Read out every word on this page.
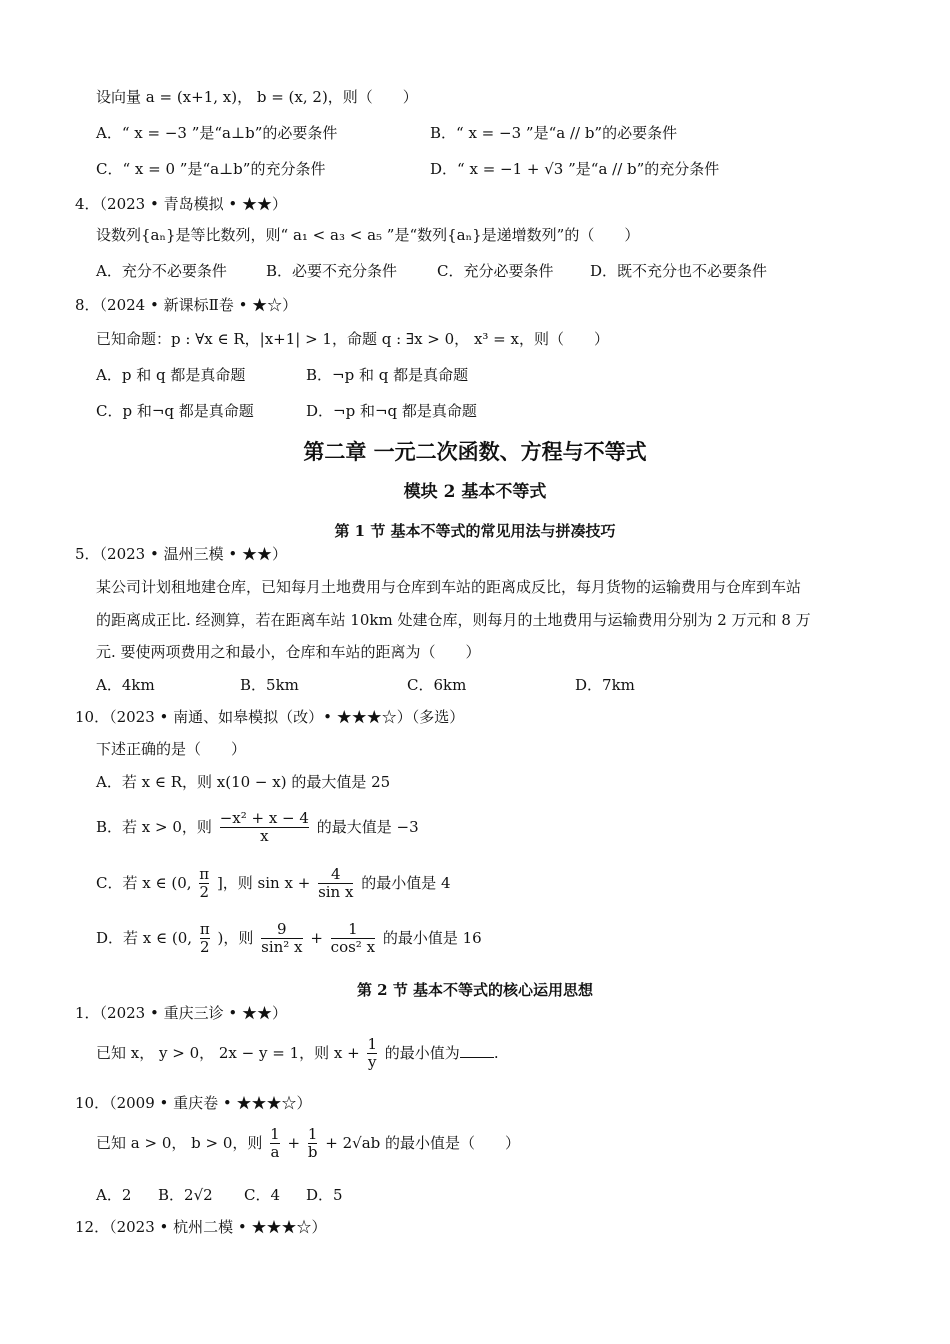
设向量 a = (x+1, x)， b = (x, 2)，则（　　）
A．“ x = −3 ”是“a⊥b”的必要条件	B．“ x = −3 ”是“a // b”的必要条件
C．“ x = 0 ”是“a⊥b”的充分条件	D．“ x = −1 + √3 ”是“a // b”的充分条件
4．（2023 • 青岛模拟 • ★★）
设数列{aₙ}是等比数列，则“ a₁ < a₃ < a₅ ”是“数列{aₙ}是递增数列”的（　　）
A．充分不必要条件	B．必要不充分条件	C．充分必要条件 D．既不充分也不必要条件
8．（2024 • 新课标Ⅱ卷 • ★☆）
已知命题：p : ∀x ∈ R，|x+1| > 1，命题 q : ∃x > 0， x³ = x，则（　　）
A．p 和 q 都是真命题	B．¬p 和 q 都是真命题
C．p 和¬q 都是真命题	D．¬p 和¬q 都是真命题
第二章 一元二次函数、方程与不等式
模块 2 基本不等式
第 1 节 基本不等式的常见用法与拼凑技巧
5．（2023 • 温州三模 • ★★）
某公司计划租地建仓库，已知每月土地费用与仓库到车站的距离成反比，每月货物的运输费用与仓库到车站
的距离成正比. 经测算，若在距离车站 10km 处建仓库，则每月的土地费用与运输费用分别为 2 万元和 8 万
元. 要使两项费用之和最小，仓库和车站的距离为（　　）
A．4km	B．5km	C．6km	D．7km
10．（2023 • 南通、如皋模拟（改）• ★★★☆）（多选）
下述正确的是（　　）
A．若 x ∈ R，则 x(10 − x) 的最大值是 25
B．若 x > 0，则 $\frac{\text{−x² + x − 4}}{x}$ 的最大值是 −3
C．若 x ∈ (0, $\frac{\pi}{2}$ ]，则 $\sin x + \frac{4}{\text{sin x}}$ 的最小值是 4
D．若 x ∈ (0, $\frac{\pi}{2}$ )，则 $\frac{9}{\text{sin² x}} + \frac{1}{\text{cos² x}}$ 的最小值是 16
第 2 节 基本不等式的核心运用思想
1．（2023 • 重庆三诊 • ★★）
已知 x， y > 0， 2x − y = 1，则 $x + \frac{1}{y}$ 的最小值为 .
10．（2009 • 重庆卷 • ★★★☆）
已知 a > 0， b > 0，则 $\frac{1}{a} + \frac{1}{b} + 2√ab$ 的最小值是（　　）
A．2 B．2√2 C．4 D．5
12．（2023 • 杭州二模 • ★★★☆）
